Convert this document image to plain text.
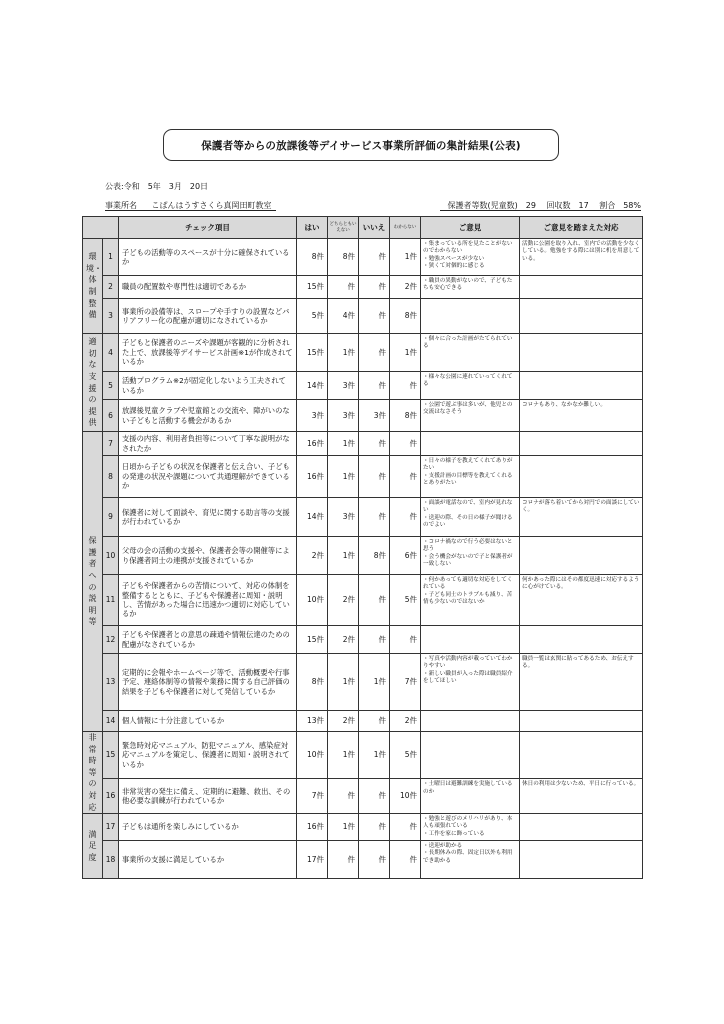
保護者等からの放課後等デイサービス事業所評価の集計結果(公表)
公表:令和　5年　3月　20日
事業所名 こぱんはうすさくら真岡田町教室	保護者等数(児童数)　29 回収数　17 割合　58%
		チェック項目	はい	どちらともいえない	いいえ	わからない	ご意見	ご意見を踏まえた対応
環境・体制整備	1	子どもの活動等のスペースが十分に確保されているか	8件	8件	件	1件	・集まっている所を見たことがないのでわからない
・勉強スペースが少ない
・狭くて対個的に感じる	活動に公園を取り入れ、室内での活動を少なくしている。勉強をする際には別に机を用意している。
	2	職員の配置数や専門性は適切であるか	15件	件	件	2件	・職員の異動がないので、子どもたちも安心できる	

	3	事業所の設備等は、スロープや手すりの設置などバリアフリー化の配慮が適切になされているか	5件	4件	件	8件		
適切な支援の提供	4	子どもと保護者のニーズや課題が客観的に分析された上で、放課後等デイサービス計画※1が作成されているか	15件	1件	件	1件	・個々に合った計画がたてられている	

	5	活動プログラム※2が固定化しないよう工夫されているか	14件	3件	件	件	・様々な公園に連れていってくれてる	

	6	放課後児童クラブや児童館との交流や、障がいのない子どもと活動する機会があるか	3件	3件	3件	8件	・公園で遊ぶ事は多いが、他児との交流はなさそう	コロナもあり、なかなか難しい。
保護者への説明等	7	支援の内容、利用者負担等について丁寧な説明がなされたか	16件	1件	件	件		
	8	日頃から子どもの状況を保護者と伝え合い、子どもの発達の状況や課題について共通理解ができているか	16件	1件	件	件	・日々の様子を教えてくれてありがたい
・支援計画の目標等を教えてくれるとありがたい	

	9	保護者に対して面談や、育児に関する助言等の支援が行われているか	14件	3件	件	件	・面談が電話なので、室内が見れない
・送迎の際、その日の様子が聞けるのでよい	コロナが落ち着いてから対円での面談にしていく。
	10	父母の会の活動の支援や、保護者会等の開催等により保護者同士の連携が支援されているか	2件	1件	8件	6件	・コロナ禍なので行う必要はないと思う
・会う機会がないので子と保護者が一致しない	

	11	子どもや保護者からの苦情について、対応の体制を整備するとともに、子どもや保護者に周知・説明し、苦情があった場合に迅速かつ適切に対応しているか	10件	2件	件	5件	・何かあっても適切な対応をしてくれている
・子ども同士のトラブルも減り、苦情も少ないのではないか	何かあった際にはその都度迅速に対応するように心がけている。
	12	子どもや保護者との意思の疎通や情報伝達のための配慮がなされているか	15件	2件	件	件		
	13	定期的に会報やホームページ等で、活動概要や行事予定、連絡体制等の情報や業務に関する自己評価の結果を子どもや保護者に対して発信しているか	8件	1件	1件	7件	・写真や活動内容が載っていてわかりやすい
・新しい職員が入った際は職員紹介をしてほしい	職員一覧は玄関に貼ってあるため、お伝えする。
	14	個人情報に十分注意しているか	13件	2件	件	2件		
非常時等の対応	15	緊急時対応マニュアル、防犯マニュアル、感染症対応マニュアルを策定し、保護者に周知・説明されているか	10件	1件	1件	5件		
	16	非常災害の発生に備え、定期的に避難、救出、その他必要な訓練が行われているか	7件	件	件	10件	・土曜日は避難訓練を実施しているのか	休日の利用は少ないため、平日に行っている。
満足度	17	子どもは通所を楽しみにしているか	16件	1件	件	件	・勉強と遊びのメリハリがあり、本人も頑張れている
・工作を家に飾っている	

	18	事業所の支援に満足しているか	17件	件	件	件	・送迎が助かる
・長期休みの際、固定日以外も利用でき助かる	
